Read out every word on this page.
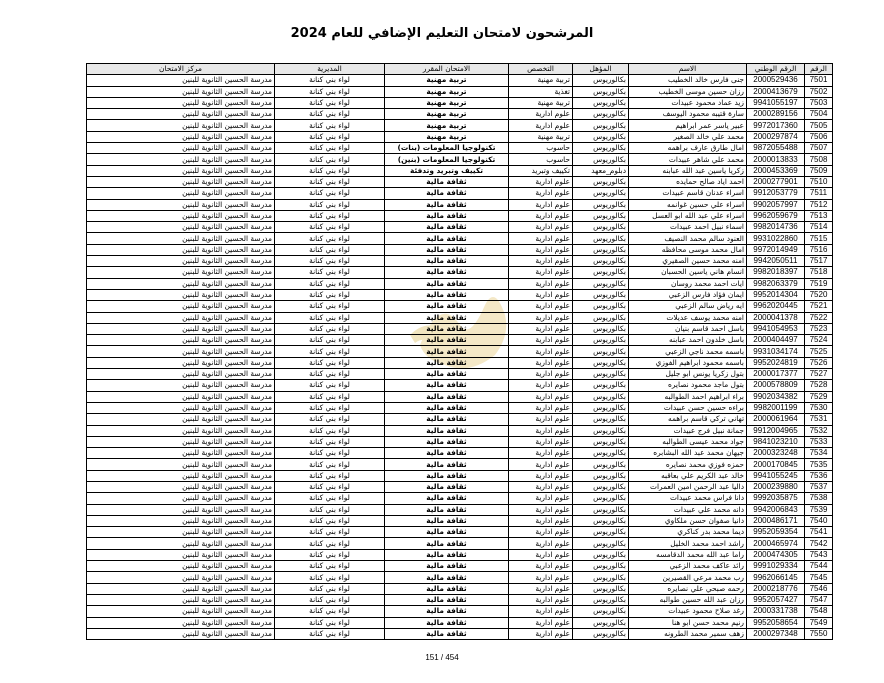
المرشحون لامتحان التعليم الإضافي للعام 2024
الرقم	الرقم الوطني	الاسم	المؤهل	التخصص	الامتحان المقرر	المديرية	مركز الامتحان
7501	2000529436	جنى فارس خالد الخطيب	بكالوريوس	تربية مهنية	تربية مهنية	لواء بني كنانة	مدرسة الحسين الثانوية للبنين
7502	2000413679	رزان حسين موسى الخطيب	بكالوريوس	تغذية	تربية مهنية	لواء بني كنانة	مدرسة الحسين الثانوية للبنين
7503	9941055197	زيد عماد محمود عبيدات	بكالوريوس	تربية مهنية	تربية مهنية	لواء بني كنانة	مدرسة الحسين الثانوية للبنين
7504	2000289156	سارة قتيبه محمود اليوسف	بكالوريوس	علوم ادارية	تربية مهنية	لواء بني كنانة	مدرسة الحسين الثانوية للبنين
7505	9972017360	عبير ياسر عمر ابراهيم	بكالوريوس	علوم ادارية	تربية مهنية	لواء بني كنانة	مدرسة الحسين الثانوية للبنين
7506	2000297874	محمد علي خالد الصغير	بكالوريوس	تربية مهنية	تربية مهنية	لواء بني كنانة	مدرسة الحسين الثانوية للبنين
7507	9872055488	امال طارق عارف براهمه	بكالوريوس	حاسوب	تكنولوجيا المعلومات (بنات)	لواء بني كنانة	مدرسة الحسين الثانوية للبنين
7508	2000013833	محمد علي شاهر عبيدات	بكالوريوس	حاسوب	تكنولوجيا المعلومات (بنين)	لواء بني كنانة	مدرسة الحسين الثانوية للبنين
7509	2000453369	زكريا ياسين عبد الله عبابنه	دبلوم_معهد	تكييف وتبريد	تكييف وتبريد وتدفئة	لواء بني كنانة	مدرسة الحسين الثانوية للبنين
7510	2000277901	احمد اياد صالح حمايده	بكالوريوس	علوم ادارية	ثقافة مالية	لواء بني كنانة	مدرسة الحسين الثانوية للبنين
7511	9912053779	اسراء عدنان قاسم عبيدات	بكالوريوس	علوم ادارية	ثقافة مالية	لواء بني كنانة	مدرسة الحسين الثانوية للبنين
7512	9902057997	اسراء علي حسين غوانمه	بكالوريوس	علوم ادارية	ثقافة مالية	لواء بني كنانة	مدرسة الحسين الثانوية للبنين
7513	9962059679	اسراء علي عبد الله ابو العسل	بكالوريوس	علوم ادارية	ثقافة مالية	لواء بني كنانة	مدرسة الحسين الثانوية للبنين
7514	9982014736	اسماء نبيل احمد عبيدات	بكالوريوس	علوم ادارية	ثقافة مالية	لواء بني كنانة	مدرسة الحسين الثانوية للبنين
7515	9931022860	العنود سالم محمد النصيف	بكالوريوس	علوم ادارية	ثقافة مالية	لواء بني كنانة	مدرسة الحسين الثانوية للبنين
7516	9972014949	امال محمد موسى محافظه	بكالوريوس	علوم ادارية	ثقافة مالية	لواء بني كنانة	مدرسة الحسين الثانوية للبنين
7517	9942050511	امنه محمد حسين الصقيري	بكالوريوس	علوم ادارية	ثقافة مالية	لواء بني كنانة	مدرسة الحسين الثانوية للبنين
7518	9982018397	انسام هاني ياسين الحسبان	بكالوريوس	علوم ادارية	ثقافة مالية	لواء بني كنانة	مدرسة الحسين الثانوية للبنين
7519	9982063379	ايات احمد محمد روسان	بكالوريوس	علوم ادارية	ثقافة مالية	لواء بني كنانة	مدرسة الحسين الثانوية للبنين
7520	9952014304	ايمان فؤاد فارس الزعبي	بكالوريوس	علوم ادارية	ثقافة مالية	لواء بني كنانة	مدرسة الحسين الثانوية للبنين
7521	9962020445	ايه رياض سالم الزعبي	بكالوريوس	علوم ادارية	ثقافة مالية	لواء بني كنانة	مدرسة الحسين الثانوية للبنين
7522	2000041378	امنه محمد يوسف عديلات	بكالوريوس	علوم ادارية	ثقافة مالية	لواء بني كنانة	مدرسة الحسين الثانوية للبنين
7523	9941054953	باسل احمد قاسم بنيان	بكالوريوس	علوم ادارية	ثقافة مالية	لواء بني كنانة	مدرسة الحسين الثانوية للبنين
7524	2000404497	باسل خلدون احمد عبابنه	بكالوريوس	علوم ادارية	ثقافة مالية	لواء بني كنانة	مدرسة الحسين الثانوية للبنين
7525	9931034174	باسمه محمد ناجي الزعبي	بكالوريوس	علوم ادارية	ثقافة مالية	لواء بني كنانة	مدرسة الحسين الثانوية للبنين
7526	9952024819	باسمه محمود ابراهيم الفوزي	بكالوريوس	علوم ادارية	ثقافة مالية	لواء بني كنانة	مدرسة الحسين الثانوية للبنين
7527	2000017377	بتول زكريا يونس ابو جليل	بكالوريوس	علوم ادارية	ثقافة مالية	لواء بني كنانة	مدرسة الحسين الثانوية للبنين
7528	2000578809	بتول ماجد محمود نصايره	بكالوريوس	علوم ادارية	ثقافة مالية	لواء بني كنانة	مدرسة الحسين الثانوية للبنين
7529	9902034382	براء ابراهيم احمد الطوالبه	بكالوريوس	علوم ادارية	ثقافة مالية	لواء بني كنانة	مدرسة الحسين الثانوية للبنين
7530	9982001199	براءه حسين حسن عبيدات	بكالوريوس	علوم ادارية	ثقافة مالية	لواء بني كنانة	مدرسة الحسين الثانوية للبنين
7531	2000061964	تهاني تركي قاسم براهمه	بكالوريوس	علوم ادارية	ثقافة مالية	لواء بني كنانة	مدرسة الحسين الثانوية للبنين
7532	9912004965	جمانة نبيل فرج عبيدات	بكالوريوس	علوم ادارية	ثقافة مالية	لواء بني كنانة	مدرسة الحسين الثانوية للبنين
7533	9841023210	جواد محمد عيسى الطوالبه	بكالوريوس	علوم ادارية	ثقافة مالية	لواء بني كنانة	مدرسة الحسين الثانوية للبنين
7534	2000323248	جيهان محمد عبد الله البشابره	بكالوريوس	علوم ادارية	ثقافة مالية	لواء بني كنانة	مدرسة الحسين الثانوية للبنين
7535	2000170845	حمزه فوزي محمد نصايره	بكالوريوس	علوم ادارية	ثقافة مالية	لواء بني كنانة	مدرسة الحسين الثانوية للبنين
7536	9941055245	خالد عبد الكريم علي بعاقبه	بكالوريوس	علوم ادارية	ثقافة مالية	لواء بني كنانة	مدرسة الحسين الثانوية للبنين
7537	2000239880	داليا عبد الرحمن امين العمرات	بكالوريوس	علوم ادارية	ثقافة مالية	لواء بني كنانة	مدرسة الحسين الثانوية للبنين
7538	9992035875	دانا فراس محمد عبيدات	بكالوريوس	علوم ادارية	ثقافة مالية	لواء بني كنانة	مدرسة الحسين الثانوية للبنين
7539	9942006843	دانه محمد علي عبيدات	بكالوريوس	علوم ادارية	ثقافة مالية	لواء بني كنانة	مدرسة الحسين الثانوية للبنين
7540	2000486171	دانيا صفوان حسن ملكاوي	بكالوريوس	علوم ادارية	ثقافة مالية	لواء بني كنانة	مدرسة الحسين الثانوية للبنين
7541	9952059354	ديما محمد بدر كناكري	بكالوريوس	علوم ادارية	ثقافة مالية	لواء بني كنانة	مدرسة الحسين الثانوية للبنين
7542	2000465974	راشد احمد محمد الخليل	بكالوريوس	علوم ادارية	ثقافة مالية	لواء بني كنانة	مدرسة الحسين الثانوية للبنين
7543	2000474305	راما عبد الله محمد الدقامسه	بكالوريوس	علوم ادارية	ثقافة مالية	لواء بني كنانة	مدرسة الحسين الثانوية للبنين
7544	9991029334	رائد عاكف محمد الزعبي	بكالوريوس	علوم ادارية	ثقافة مالية	لواء بني كنانة	مدرسة الحسين الثانوية للبنين
7545	9962066145	رب محمد مرعي القصيرين	بكالوريوس	علوم ادارية	ثقافة مالية	لواء بني كنانة	مدرسة الحسين الثانوية للبنين
7546	2000218776	رحمه صبحي علي نصايره	بكالوريوس	علوم ادارية	ثقافة مالية	لواء بني كنانة	مدرسة الحسين الثانوية للبنين
7547	9952057427	رزان عبد الله حسين طوالبه	بكالوريوس	علوم ادارية	ثقافة مالية	لواء بني كنانة	مدرسة الحسين الثانوية للبنين
7548	2000331738	رغد صلاح محمود عبيدات	بكالوريوس	علوم ادارية	ثقافة مالية	لواء بني كنانة	مدرسة الحسين الثانوية للبنين
7549	9952058654	رنيم محمد حسن ابو هنا	بكالوريوس	علوم ادارية	ثقافة مالية	لواء بني كنانة	مدرسة الحسين الثانوية للبنين
7550	2000297348	زهف سمير محمد الطرونه	بكالوريوس	علوم ادارية	ثقافة مالية	لواء بني كنانة	مدرسة الحسين الثانوية للبنين
151 / 454
